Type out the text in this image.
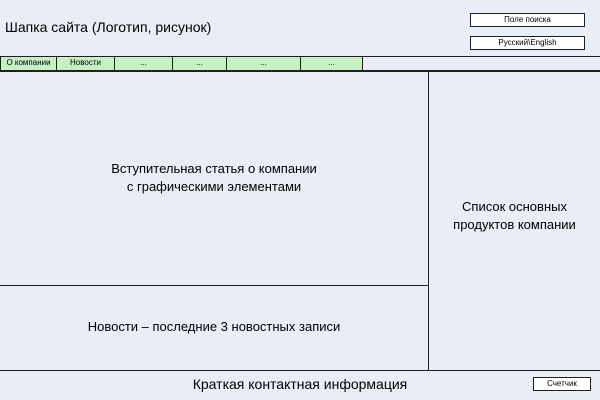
Шапка сайта (Логотип, рисунок)	Поле поиска
Русский\English
О компании	Новости	...	...	...	...
Вступительная статья о компании
с графическими элементами
Новости – последние 3 новостных записи
Список основных
продуктов компании
Краткая контактная информация	Счетчик
